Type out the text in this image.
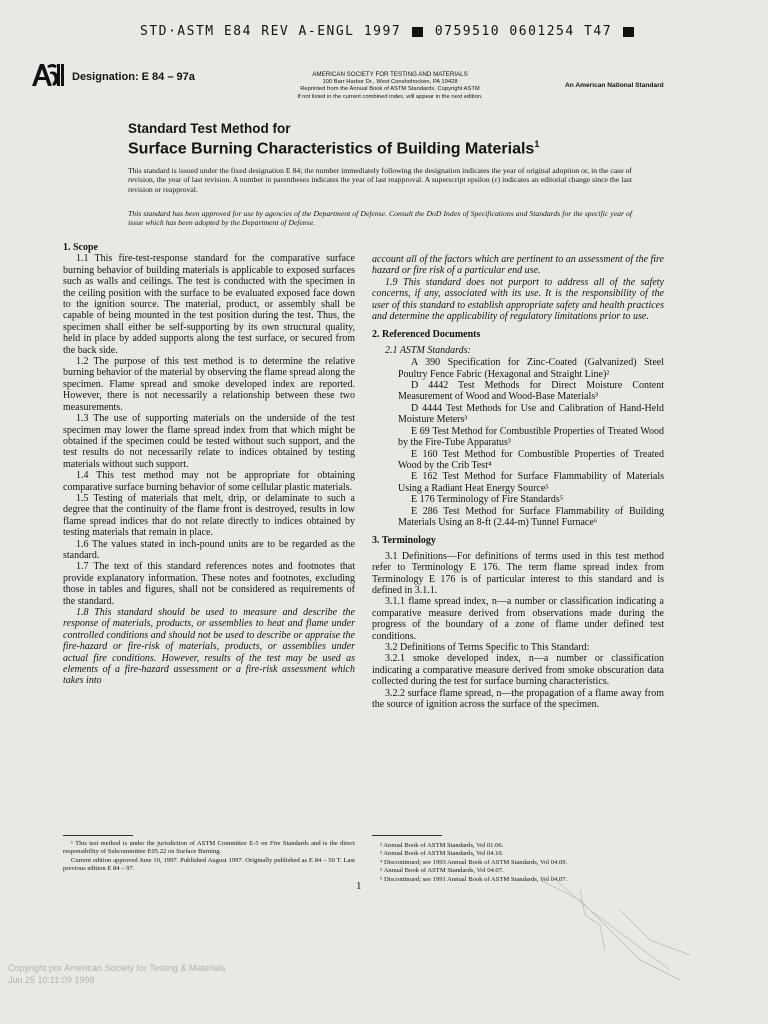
STD·ASTM E84 REV A-ENGL 1997	0759510 0601254 T47
Designation: E 84 – 97a	AMERICAN SOCIETY FOR TESTING AND MATERIALS
100 Barr Harbor Dr., West Conshohocken, PA 19428
Reprinted from the Annual Book of ASTM Standards. Copyright ASTM
If not listed in the current combined index, will appear in the next edition.
An American National Standard
Standard Test Method for
Surface Burning Characteristics of Building Materials$^1$
This standard is issued under the fixed designation E 84; the number immediately following the designation indicates the year of original adoption or, in the case of revision, the year of last revision. A number in parentheses indicates the year of last reapproval. A superscript epsilon (ε) indicates an editorial change since the last revision or reapproval.
This standard has been approved for use by agencies of the Department of Defense. Consult the DoD Index of Specifications and Standards for the specific year of issue which has been adopted by the Department of Defense.
1. Scope

1.1 This fire-test-response standard for the comparative surface burning behavior of building materials is applicable to exposed surfaces such as walls and ceilings. The test is conducted with the specimen in the ceiling position with the surface to be evaluated exposed face down to the ignition source. The material, product, or assembly shall be capable of being mounted in the test position during the test. Thus, the specimen shall either be self-supporting by its own structural quality, held in place by added supports along the test surface, or secured from the back side.

1.2 The purpose of this test method is to determine the relative burning behavior of the material by observing the flame spread along the specimen. Flame spread and smoke developed index are reported. However, there is not necessarily a relationship between these two measurements.

1.3 The use of supporting materials on the underside of the test specimen may lower the flame spread index from that which might be obtained if the specimen could be tested without such support, and the test results do not necessarily relate to indices obtained by testing materials without such support.

1.4 This test method may not be appropriate for obtaining comparative surface burning behavior of some cellular plastic materials.

1.5 Testing of materials that melt, drip, or delaminate to such a degree that the continuity of the flame front is destroyed, results in low flame spread indices that do not relate directly to indices obtained by testing materials that remain in place.

1.6 The values stated in inch-pound units are to be regarded as the standard.

1.7 The text of this standard references notes and footnotes that provide explanatory information. These notes and footnotes, excluding those in tables and figures, shall not be considered as requirements of the standard.

1.8 This standard should be used to measure and describe the response of materials, products, or assemblies to heat and flame under controlled conditions and should not be used to describe or appraise the fire-hazard or fire-risk of materials, products, or assemblies under actual fire conditions. However, results of the test may be used as elements of a fire-hazard assessment or a fire-risk assessment which takes into

¹ This test method is under the jurisdiction of ASTM Committee E-5 on Fire Standards and is the direct responsibility of Subcommittee E05.22 on Surface Burning.

Current edition approved June 10, 1997. Published August 1997. Originally published as E 84 – 50 T. Last previous edition E 84 – 97.

account all of the factors which are pertinent to an assessment of the fire hazard or fire risk of a particular end use.

1.9 This standard does not purport to address all of the safety concerns, if any, associated with its use. It is the responsibility of the user of this standard to establish appropriate safety and health practices and determine the applicability of regulatory limitations prior to use.

2. Referenced Documents

2.1 ASTM Standards:

A 390 Specification for Zinc-Coated (Galvanized) Steel Poultry Fence Fabric (Hexagonal and Straight Line)²

D 4442 Test Methods for Direct Moisture Content Measurement of Wood and Wood-Base Materials³

D 4444 Test Methods for Use and Calibration of Hand-Held Moisture Meters³

E 69 Test Method for Combustible Properties of Treated Wood by the Fire-Tube Apparatus³

E 160 Test Method for Combustible Properties of Treated Wood by the Crib Test⁴

E 162 Test Method for Surface Flammability of Materials Using a Radiant Heat Energy Source⁵

E 176 Terminology of Fire Standards⁵

E 286 Test Method for Surface Flammability of Building Materials Using an 8-ft (2.44-m) Tunnel Furnace⁶

3. Terminology

3.1 Definitions—For definitions of terms used in this test method refer to Terminology E 176. The term flame spread index from Terminology E 176 is of particular interest to this standard and is defined in 3.1.1.

3.1.1 flame spread index, n—a number or classification indicating a comparative measure derived from observations made during the progress of the boundary of a zone of flame under defined test conditions.

3.2 Definitions of Terms Specific to This Standard:

3.2.1 smoke developed index, n—a number or classification indicating a comparative measure derived from smoke obscuration data collected during the test for surface burning characteristics.

3.2.2 surface flame spread, n—the propagation of a flame away from the source of ignition across the surface of the specimen.

² Annual Book of ASTM Standards, Vol 01.06.

³ Annual Book of ASTM Standards, Vol 04.10.

⁴ Discontinued; see 1993 Annual Book of ASTM Standards, Vol 04.09.

⁵ Annual Book of ASTM Standards, Vol 04.07.

⁶ Discontinued; see 1991 Annual Book of ASTM Standards, Vol 04.07.

1
Copyright por American Society for Testing & Materials
Jun 25 10:11:09 1998
